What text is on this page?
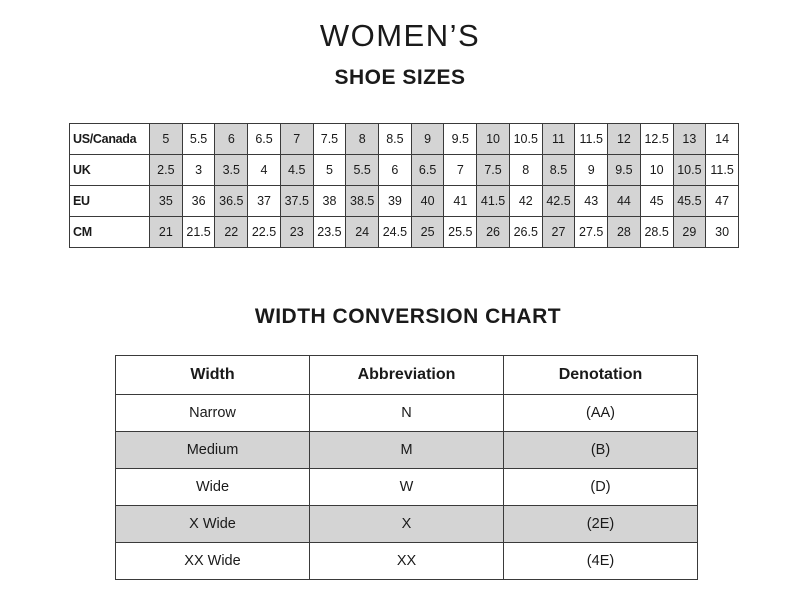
WOMEN’S
SHOE SIZES
US/Canada	5	5.5	6	6.5	7	7.5	8	8.5	9	9.5	10	10.5	11	11.5	12	12.5	13	14
UK	2.5	3	3.5	4	4.5	5	5.5	6	6.5	7	7.5	8	8.5	9	9.5	10	10.5	11.5
EU	35	36	36.5	37	37.5	38	38.5	39	40	41	41.5	42	42.5	43	44	45	45.5	47
CM	21	21.5	22	22.5	23	23.5	24	24.5	25	25.5	26	26.5	27	27.5	28	28.5	29	30
WIDTH CONVERSION CHART
Width	Abbreviation	Denotation
Narrow	N	(AA)
Medium	M	(B)
Wide	W	(D)
X Wide	X	(2E)
XX Wide	XX	(4E)
